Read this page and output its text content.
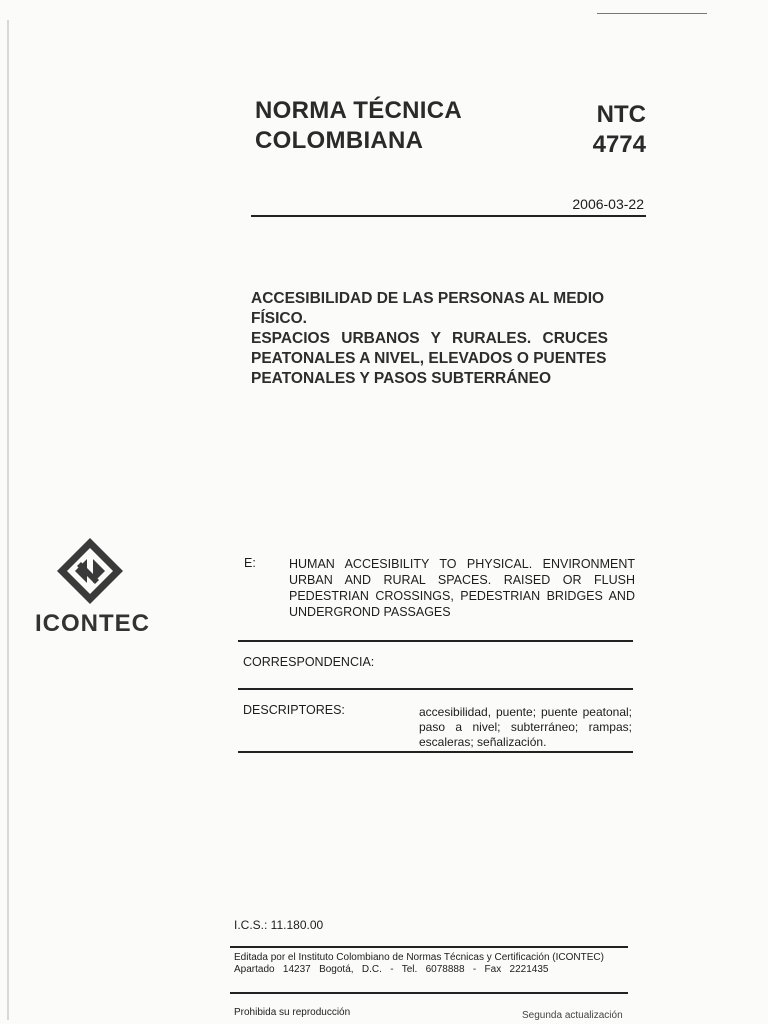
NORMA TÉCNICA
COLOMBIANA
NTC
4774
2006-03-22
ACCESIBILIDAD DE LAS PERSONAS AL MEDIO
FÍSICO.
ESPACIOS URBANOS Y RURALES. CRUCES
PEATONALES A NIVEL, ELEVADOS O PUENTES
PEATONALES Y PASOS SUBTERRÁNEO
ICONTEC
E:	HUMAN ACCESIBILITY TO PHYSICAL. ENVIRONMENT URBAN AND RURAL SPACES. RAISED OR FLUSH PEDESTRIAN CROSSINGS, PEDESTRIAN BRIDGES AND UNDERGROND PASSAGES
CORRESPONDENCIA:
DESCRIPTORES:	accesibilidad, puente; puente peatonal; paso a nivel; subterráneo; rampas; escaleras; señalización.
I.C.S.: 11.180.00
Editada por el Instituto Colombiano de Normas Técnicas y Certificación (ICONTEC)
Apartado   14237   Bogotá,   D.C.   -   Tel.   6078888   -   Fax   2221435
Prohibida su reproducción	Segunda actualización
